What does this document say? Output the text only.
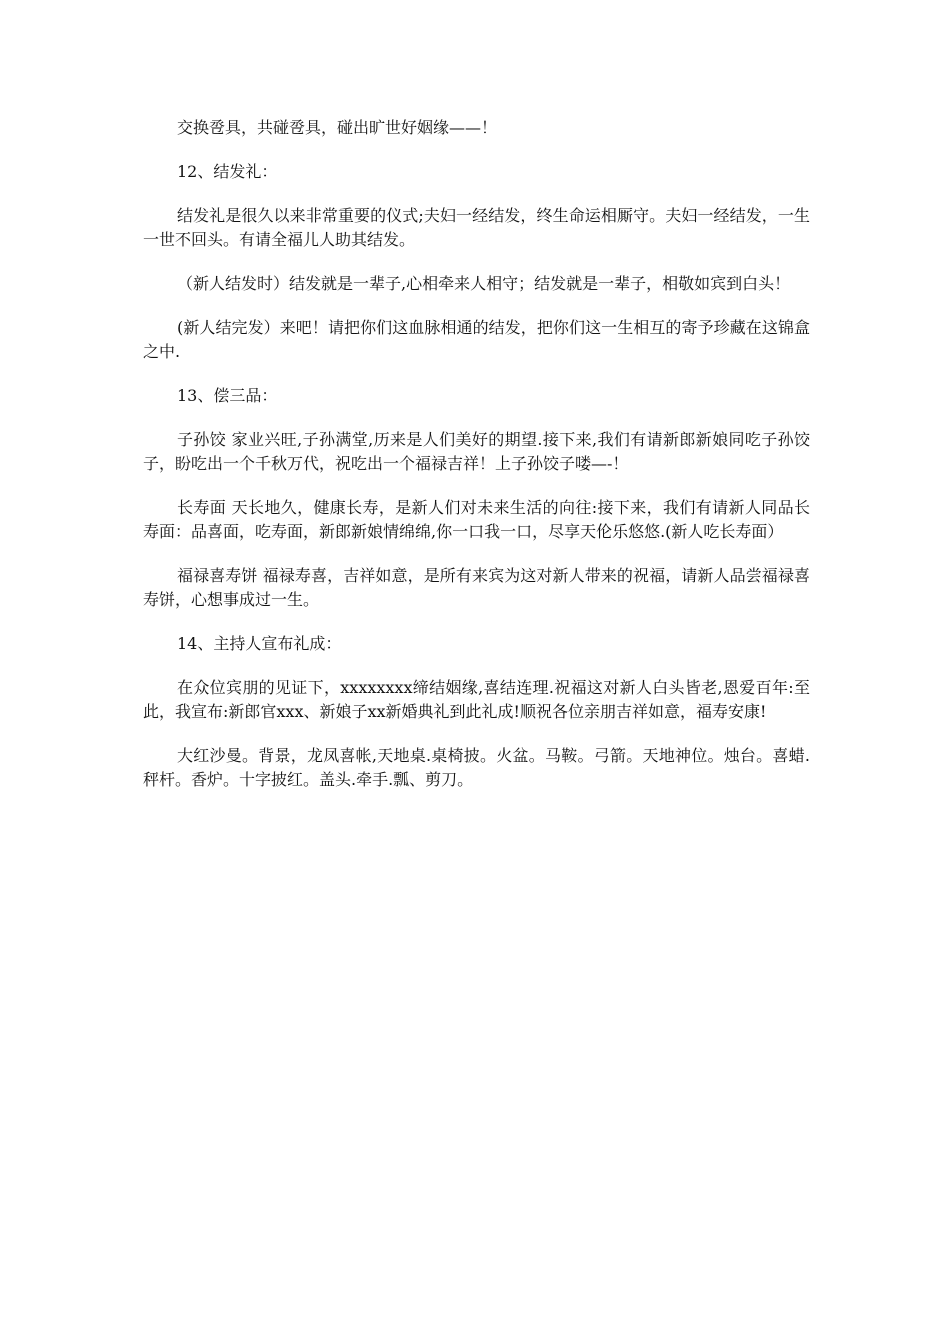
交换卺具，共碰卺具，碰出旷世好姻缘——！

12、结发礼：

结发礼是很久以来非常重要的仪式;夫妇一经结发，终生命运相厮守。夫妇一经结发，一生一世不回头。有请全福儿人助其结发。

（新人结发时）结发就是一辈子,心相牵来人相守；结发就是一辈子，相敬如宾到白头！

(新人结完发）来吧！请把你们这血脉相通的结发，把你们这一生相互的寄予珍藏在这锦盒之中.

13、偿三品：

子孙饺 家业兴旺,子孙满堂,历来是人们美好的期望.接下来,我们有请新郎新娘同吃子孙饺子，盼吃出一个千秋万代，祝吃出一个福禄吉祥！上子孙饺子喽—-！

长寿面 天长地久，健康长寿，是新人们对未来生活的向往:接下来，我们有请新人同品长寿面：品喜面，吃寿面，新郎新娘情绵绵,你一口我一口，尽享天伦乐悠悠.(新人吃长寿面）

福禄喜寿饼 福禄寿喜，吉祥如意，是所有来宾为这对新人带来的祝福，请新人品尝福禄喜寿饼，心想事成过一生。

14、主持人宣布礼成：

在众位宾朋的见证下，xxxxxxxx缔结姻缘,喜结连理.祝福这对新人白头皆老,恩爱百年:至此，我宣布:新郎官xxx、新娘子xx新婚典礼到此礼成!顺祝各位亲朋吉祥如意，福寿安康!

大红沙曼。背景，龙凤喜帐,天地桌.桌椅披。火盆。马鞍。弓箭。天地神位。烛台。喜蜡.秤杆。香炉。十字披红。盖头.牵手.瓢、剪刀。
